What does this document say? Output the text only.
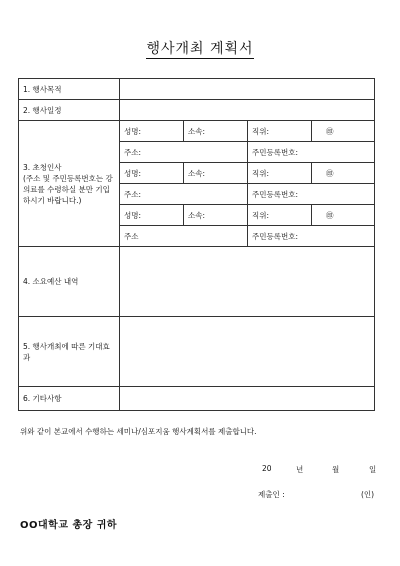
행사개최 계획서
1. 행사목적				
2. 행사일정				
3. 초청인사
(주소 및 주민등록번호는 강의료를 수령하실 분만 기입하시기 바랍니다.)	성명:	소속:	직위:	㊞
	주소:		주민등록번호:	
	성명:	소속:	직위:	㊞
	주소:		주민등록번호:	
	성명:	소속:	직위:	㊞
	주소		주민등록번호:	
4. 소요예산 내역				
5. 행사개최에 따른 기대효과				
6. 기타사항				
위와 같이 본교에서 수행하는 세미나/심포지움 행사계획서를 제출합니다.
20	년	월	일
제출인 :	(인)
OO대학교 총장 귀하
